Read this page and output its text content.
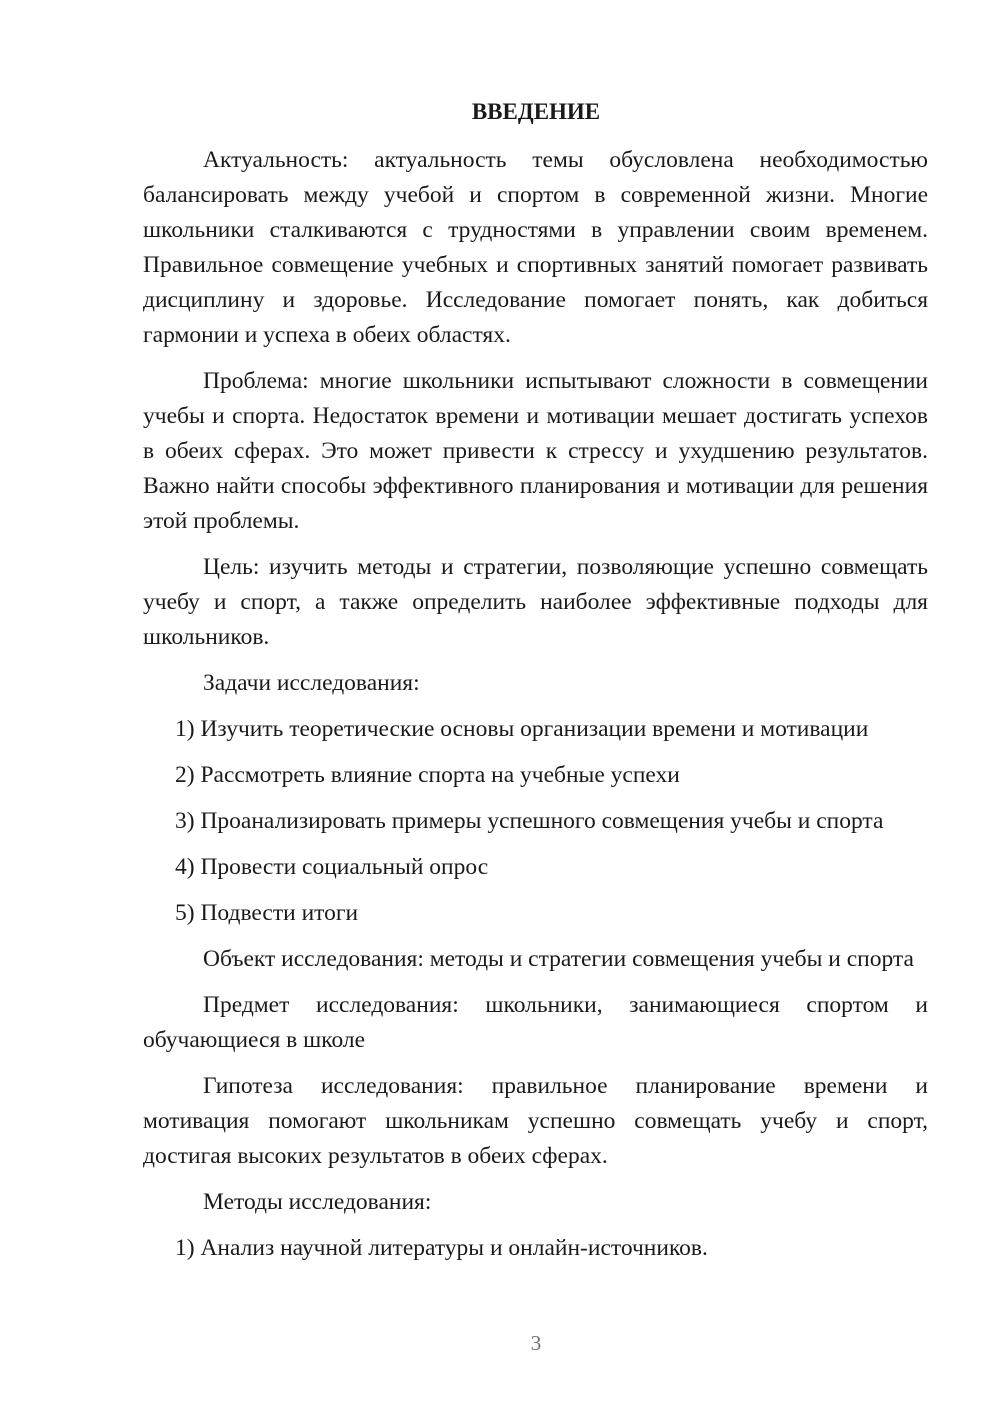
ВВЕДЕНИЕ

Актуальность: актуальность темы обусловлена необходимостью балансировать между учебой и спортом в современной жизни. Многие школьники сталкиваются с трудностями в управлении своим временем. Правильное совмещение учебных и спортивных занятий помогает развивать дисциплину и здоровье. Исследование помогает понять, как добиться гармонии и успеха в обеих областях.

Проблема: многие школьники испытывают сложности в совмещении учебы и спорта. Недостаток времени и мотивации мешает достигать успехов в обеих сферах. Это может привести к стрессу и ухудшению результатов. Важно найти способы эффективного планирования и мотивации для решения этой проблемы.

Цель: изучить методы и стратегии, позволяющие успешно совмещать учебу и спорт, а также определить наиболее эффективные подходы для школьников.

Задачи исследования:

1) Изучить теоретические основы организации времени и мотивации

2) Рассмотреть влияние спорта на учебные успехи

3) Проанализировать примеры успешного совмещения учебы и спорта

4) Провести социальный опрос

5) Подвести итоги

Объект исследования: методы и стратегии совмещения учебы и спорта

Предмет исследования: школьники, занимающиеся спортом и обучающиеся в школе

Гипотеза исследования: правильное планирование времени и мотивация помогают школьникам успешно совмещать учебу и спорт, достигая высоких результатов в обеих сферах.

Методы исследования:

1) Анализ научной литературы и онлайн-источников.

3
